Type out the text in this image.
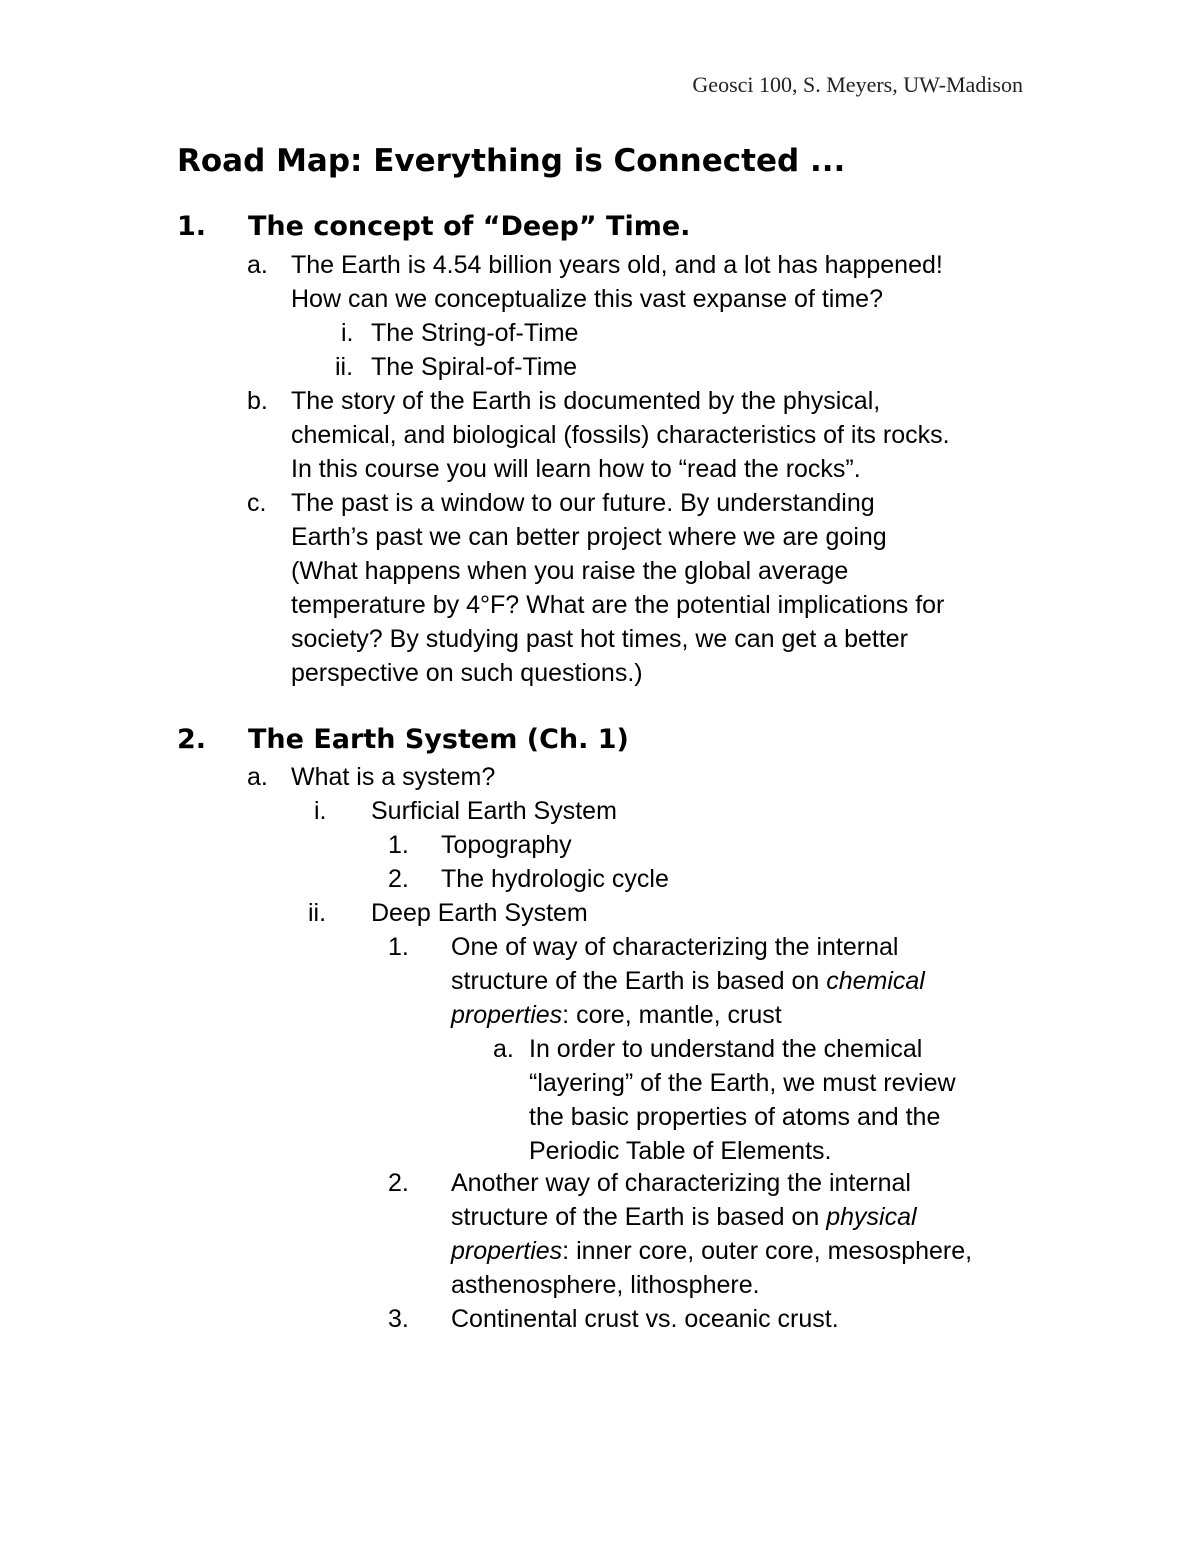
Geosci 100, S. Meyers, UW-Madison
Road Map: Everything is Connected ...
1. The concept of “Deep” Time.
a. The Earth is 4.54 billion years old, and a lot has happened!
How can we conceptualize this vast expanse of time?
i. The String-of-Time
ii. The Spiral-of-Time
b. The story of the Earth is documented by the physical,
chemical, and biological (fossils) characteristics of its rocks.
In this course you will learn how to “read the rocks”.
c. The past is a window to our future. By understanding
Earth’s past we can better project where we are going
(What happens when you raise the global average
temperature by 4°F? What are the potential implications for
society? By studying past hot times, we can get a better
perspective on such questions.)
2. The Earth System (Ch. 1)
a. What is a system?
i. Surficial Earth System
1. Topography
2. The hydrologic cycle
ii. Deep Earth System
1. One of way of characterizing the internal
structure of the Earth is based on chemical
properties: core, mantle, crust
a. In order to understand the chemical
“layering” of the Earth, we must review
the basic properties of atoms and the
Periodic Table of Elements.
2. Another way of characterizing the internal
structure of the Earth is based on physical
properties: inner core, outer core, mesosphere,
asthenosphere, lithosphere.
3. Continental crust vs. oceanic crust.
